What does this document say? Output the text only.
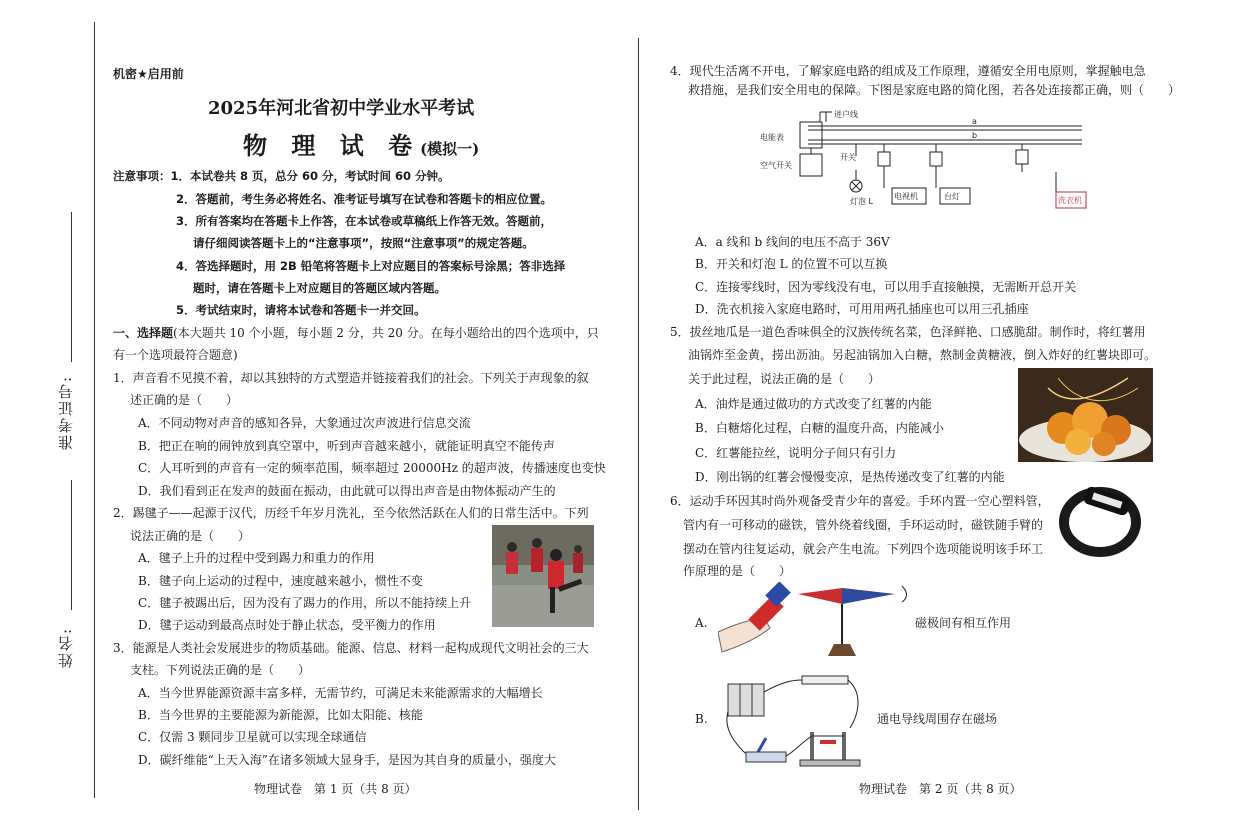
准考证号:
姓名:
机密★启用前
2025年河北省初中学业水平考试
物 理 试 卷(模拟一)
注意事项：1．本试卷共 8 页，总分 60 分，考试时间 60 分钟。
2．答题前，考生务必将姓名、准考证号填写在试卷和答题卡的相应位置。
3．所有答案均在答题卡上作答，在本试卷或草稿纸上作答无效。答题前，
请仔细阅读答题卡上的“注意事项”，按照“注意事项”的规定答题。
4．答选择题时，用 2B 铅笔将答题卡上对应题目的答案标号涂黑；答非选择
题时，请在答题卡上对应题目的答题区域内答题。
5．考试结束时，请将本试卷和答题卡一并交回。
一、选择题(本大题共 10 个小题，每小题 2 分，共 20 分。在每小题给出的四个选项中，只
有一个选项最符合题意)
1．声音看不见摸不着，却以其独特的方式塑造并链接着我们的社会。下列关于声现象的叙
述正确的是（　　）
A．不同动物对声音的感知各异，大象通过次声波进行信息交流
B．把正在响的闹钟放到真空罩中，听到声音越来越小，就能证明真空不能传声
C．人耳听到的声音有一定的频率范围，频率超过 20000Hz 的超声波，传播速度也变快
D．我们看到正在发声的鼓面在振动，由此就可以得出声音是由物体振动产生的
2．踢毽子——起源于汉代，历经千年岁月洗礼，至今依然活跃在人们的日常生活中。下列
说法正确的是（　　）
A．毽子上升的过程中受到踢力和重力的作用
B．毽子向上运动的过程中，速度越来越小，惯性不变
C．毽子被踢出后，因为没有了踢力的作用，所以不能持续上升
D．毽子运动到最高点时处于静止状态，受平衡力的作用
3．能源是人类社会发展进步的物质基础。能源、信息、材料一起构成现代文明社会的三大
支柱。下列说法正确的是（　　）
A．当今世界能源资源丰富多样，无需节约，可满足未来能源需求的大幅增长
B．当今世界的主要能源为新能源，比如太阳能、核能
C．仅需 3 颗同步卫星就可以实现全球通信
D．碳纤维能“上天入海”在诸多领域大显身手，是因为其自身的质量小，强度大
物理试卷　第 1 页（共 8 页）
4．现代生活离不开电，了解家庭电路的组成及工作原理，遵循安全用电原则，掌握触电急
救措施，是我们安全用电的保障。下图是家庭电路的简化图，若各处连接都正确，则（　　）
进户线
电能表
空气开关
开关
灯泡 L
电视机	台灯	洗衣机
a
b
A．a 线和 b 线间的电压不高于 36V
B．开关和灯泡 L 的位置不可以互换
C．连接零线时，因为零线没有电，可以用手直接触摸，无需断开总开关
D．洗衣机接入家庭电路时，可用用两孔插座也可以用三孔插座
5．拔丝地瓜是一道色香味俱全的汉族传统名菜，色泽鲜艳、口感脆甜。制作时，将红薯用
油锅炸至金黄，捞出沥油。另起油锅加入白糖，熬制金黄糖液，倒入炸好的红薯块即可。
关于此过程，说法正确的是（　　）
A．油炸是通过做功的方式改变了红薯的内能
B．白糖熔化过程，白糖的温度升高，内能减小
C．红薯能拉丝，说明分子间只有引力
D．刚出锅的红薯会慢慢变凉，是热传递改变了红薯的内能
6．运动手环因其时尚外观备受青少年的喜爱。手环内置一空心塑料管，
管内有一可移动的磁铁，管外绕着线圈，手环运动时，磁铁随手臂的
摆动在管内往复运动，就会产生电流。下列四个选项能说明该手环工
作原理的是（　　）
A.	磁极间有相互作用
B.	通电导线周围存在磁场
物理试卷　第 2 页（共 8 页）
